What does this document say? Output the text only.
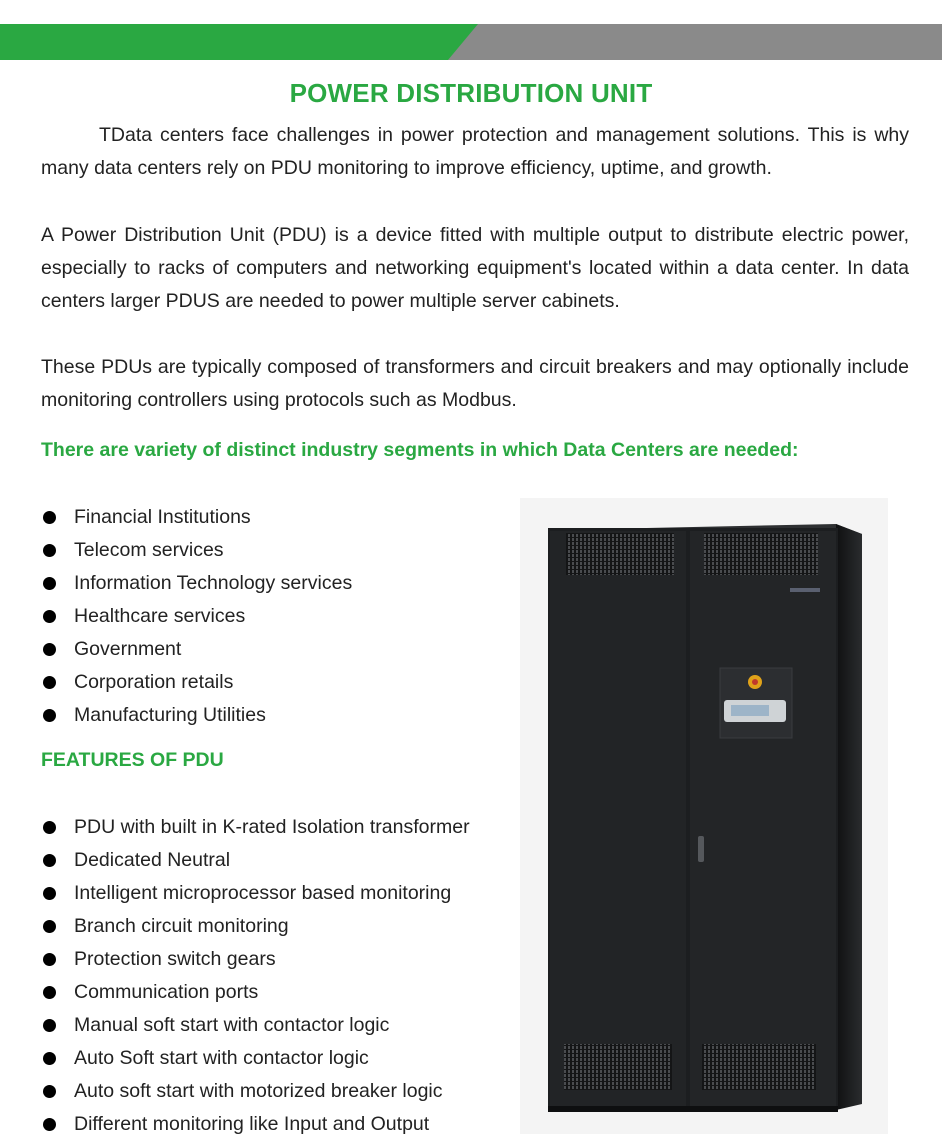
POWER DISTRIBUTION UNIT

TData centers face challenges in power protection and management solutions. This is why many data centers rely on PDU monitoring to improve efficiency, uptime, and growth.

A Power Distribution Unit (PDU) is a device fitted with multiple output to distribute electric power, especially to racks of computers and networking equipment's located within a data center. In data centers larger PDUS are needed to power multiple server cabinets.

These PDUs are typically composed of transformers and circuit breakers and may optionally include monitoring controllers using protocols such as Modbus.

There are variety of distinct industry segments in which Data Centers are needed:
Financial Institutions
Telecom services
Information Technology services
Healthcare services
Government
Corporation retails
Manufacturing Utilities
FEATURES OF PDU
PDU with built in K-rated Isolation transformer
Dedicated Neutral
Intelligent microprocessor based monitoring
Branch circuit monitoring
Protection switch gears
Communication ports
Manual soft start with contactor logic
Auto Soft start with contactor logic
Auto soft start with motorized breaker logic
Different monitoring like Input and Output
